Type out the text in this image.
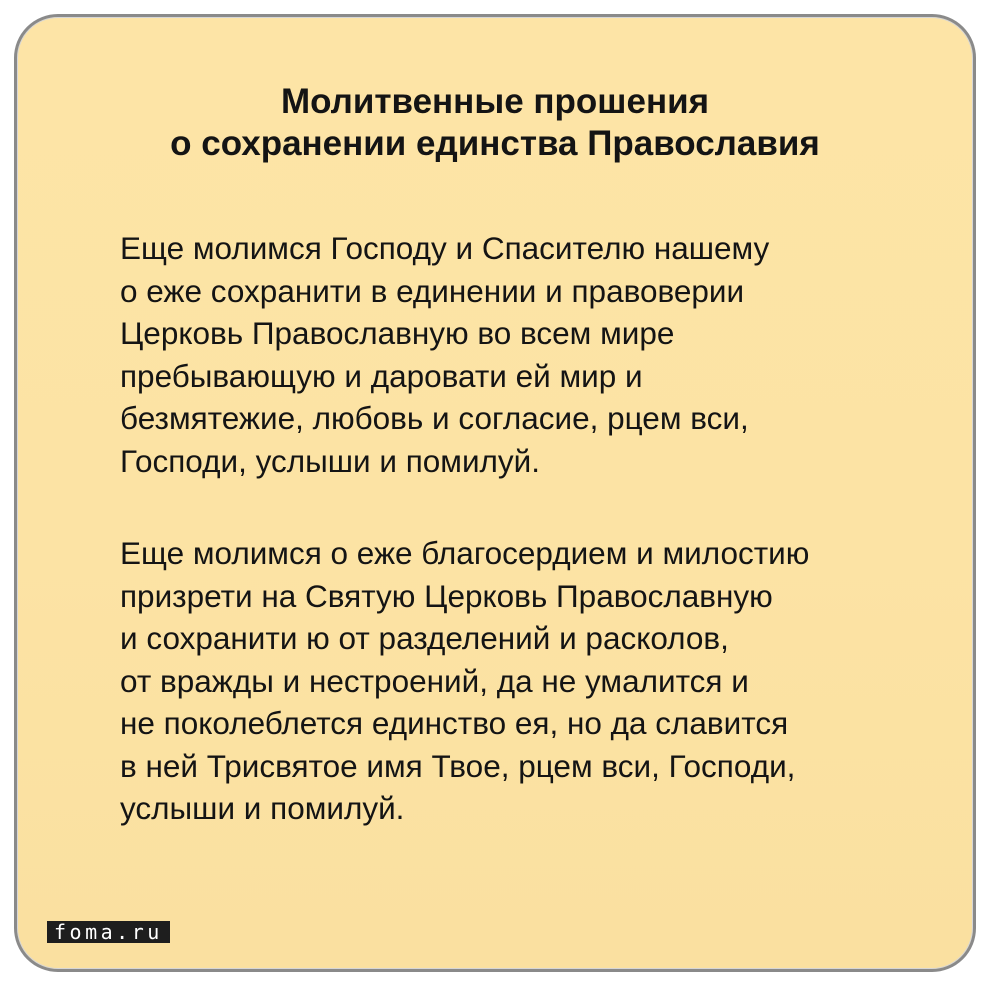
Молитвенные прошения
о сохранении единства Православия

Еще молимся Господу и Спасителю нашему
о еже сохранити в единении и правоверии
Церковь Православную во всем мире
пребывающую и даровати ей мир и
безмятежие, любовь и согласие, рцем вси,
Господи, услыши и помилуй.

Еще молимся о еже благосердием и милостию
призрети на Святую Церковь Православную
и сохранити ю от разделений и расколов,
от вражды и нестроений, да не умалится и
не поколеблется единство ея, но да славится
в ней Трисвятое имя Твое, рцем вси, Господи,
услыши и помилуй.

foma.ru
